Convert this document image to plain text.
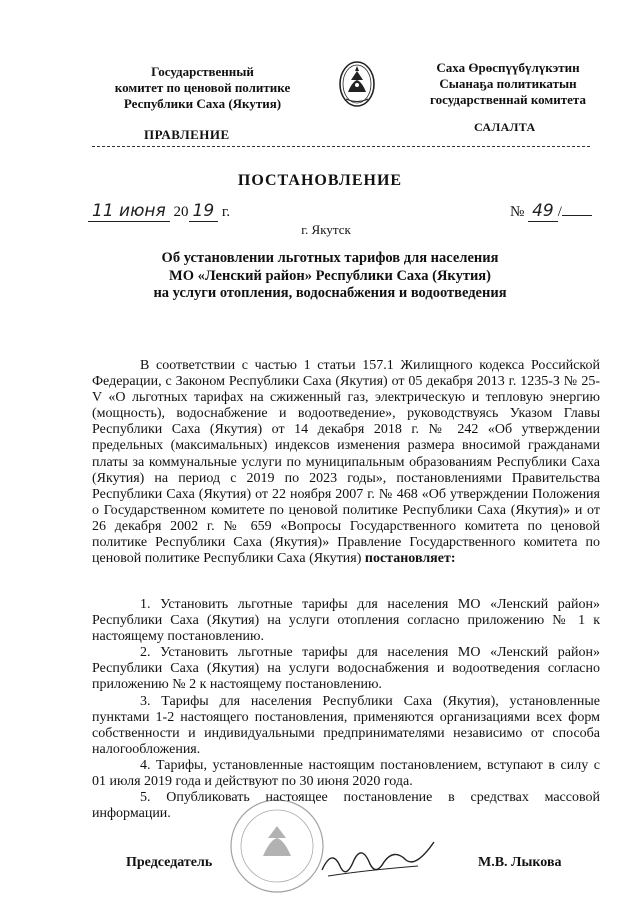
Государственный
комитет по ценовой политике
Республики Саха (Якутия)
Саха Өрөспүүбүлүкэтин
Сыанаҕа политикатын
государственнай комитета
ПРАВЛЕНИЕ	САЛАЛТА
ПОСТАНОВЛЕНИЕ
11 июня 20 19 г.	№ 49 /
г. Якутск
Об установлении льготных тарифов для населения
МО «Ленский район» Республики Саха (Якутия)
на услуги отопления, водоснабжения и водоотведения

В соответствии с частью 1 статьи 157.1 Жилищного кодекса Российской Федерации, с Законом Республики Саха (Якутия) от 05 декабря 2013 г. 1235-З № 25-V «О льготных тарифах на сжиженный газ, электрическую и тепловую энергию (мощность), водоснабжение и водоотведение», руководствуясь Указом Главы Республики Саха (Якутия) от 14 декабря 2018 г. № 242 «Об утверждении предельных (максимальных) индексов изменения размера вносимой гражданами платы за коммунальные услуги по муниципальным образованиям Республики Саха (Якутия) на период с 2019 по 2023 годы», постановлениями Правительства Республики Саха (Якутия) от 22 ноября 2007 г. № 468 «Об утверждении Положения о Государственном комитете по ценовой политике Республики Саха (Якутия)» и от 26 декабря 2002 г. № 659 «Вопросы Государственного комитета по ценовой политике Республики Саха (Якутия)» Правление Государственного комитета по ценовой политике Республики Саха (Якутия) постановляет:

1. Установить льготные тарифы для населения МО «Ленский район» Республики Саха (Якутия) на услуги отопления согласно приложению № 1 к настоящему постановлению.

2. Установить льготные тарифы для населения МО «Ленский район» Республики Саха (Якутия) на услуги водоснабжения и водоотведения согласно приложению № 2 к настоящему постановлению.

3. Тарифы для населения Республики Саха (Якутия), установленные пунктами 1-2 настоящего постановления, применяются организациями всех форм собственности и индивидуальными предпринимателями независимо от способа налогообложения.

4. Тарифы, установленные настоящим постановлением, вступают в силу с 01 июля 2019 года и действуют по 30 июня 2020 года.

5. Опубликовать настоящее постановление в средствах массовой информации.

Председатель	М.В. Лыкова
